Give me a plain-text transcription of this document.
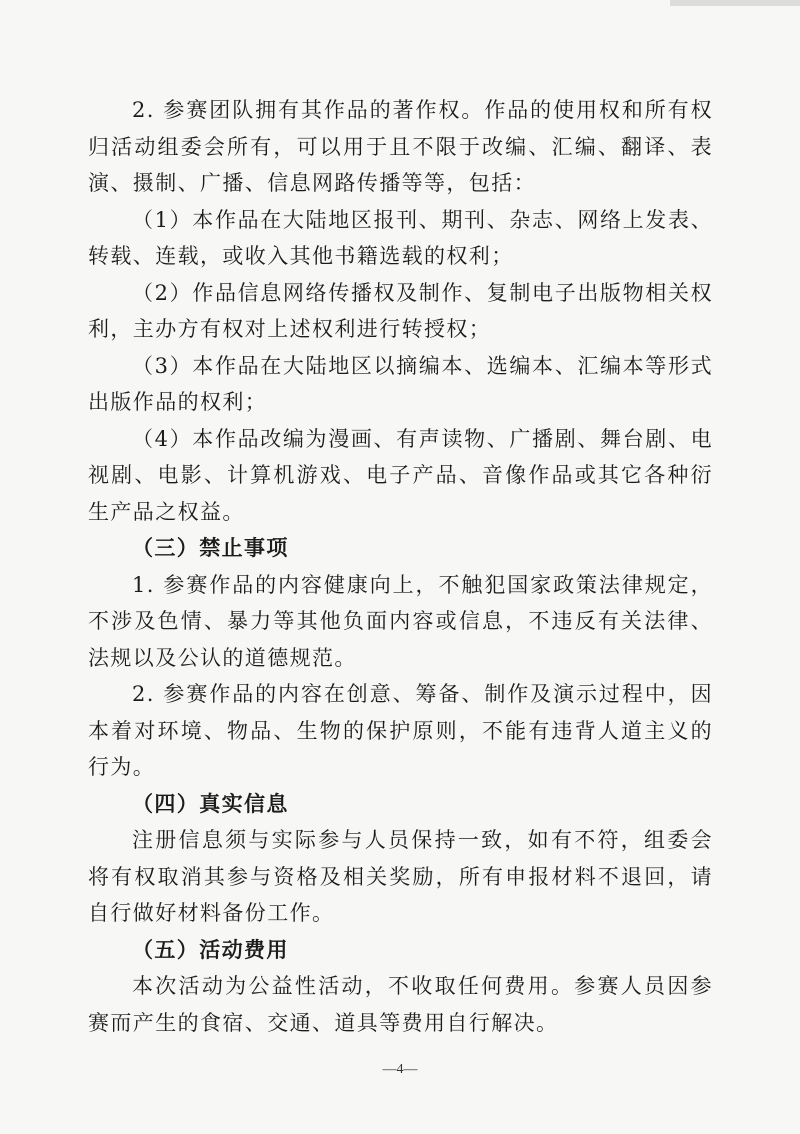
2. 参赛团队拥有其作品的著作权。作品的使用权和所有权归活动组委会所有，可以用于且不限于改编、汇编、翻译、表演、摄制、广播、信息网路传播等等，包括：

（1）本作品在大陆地区报刊、期刊、杂志、网络上发表、转载、连载，或收入其他书籍选载的权利；

（2）作品信息网络传播权及制作、复制电子出版物相关权利，主办方有权对上述权利进行转授权；

（3）本作品在大陆地区以摘编本、选编本、汇编本等形式出版作品的权利；

（4）本作品改编为漫画、有声读物、广播剧、舞台剧、电视剧、电影、计算机游戏、电子产品、音像作品或其它各种衍生产品之权益。

（三）禁止事项

1. 参赛作品的内容健康向上，不触犯国家政策法律规定，不涉及色情、暴力等其他负面内容或信息，不违反有关法律、法规以及公认的道德规范。

2. 参赛作品的内容在创意、筹备、制作及演示过程中，因本着对环境、物品、生物的保护原则，不能有违背人道主义的行为。

（四）真实信息

注册信息须与实际参与人员保持一致，如有不符，组委会将有权取消其参与资格及相关奖励，所有申报材料不退回，请自行做好材料备份工作。

（五）活动费用

本次活动为公益性活动，不收取任何费用。参赛人员因参赛而产生的食宿、交通、道具等费用自行解决。

—4—
